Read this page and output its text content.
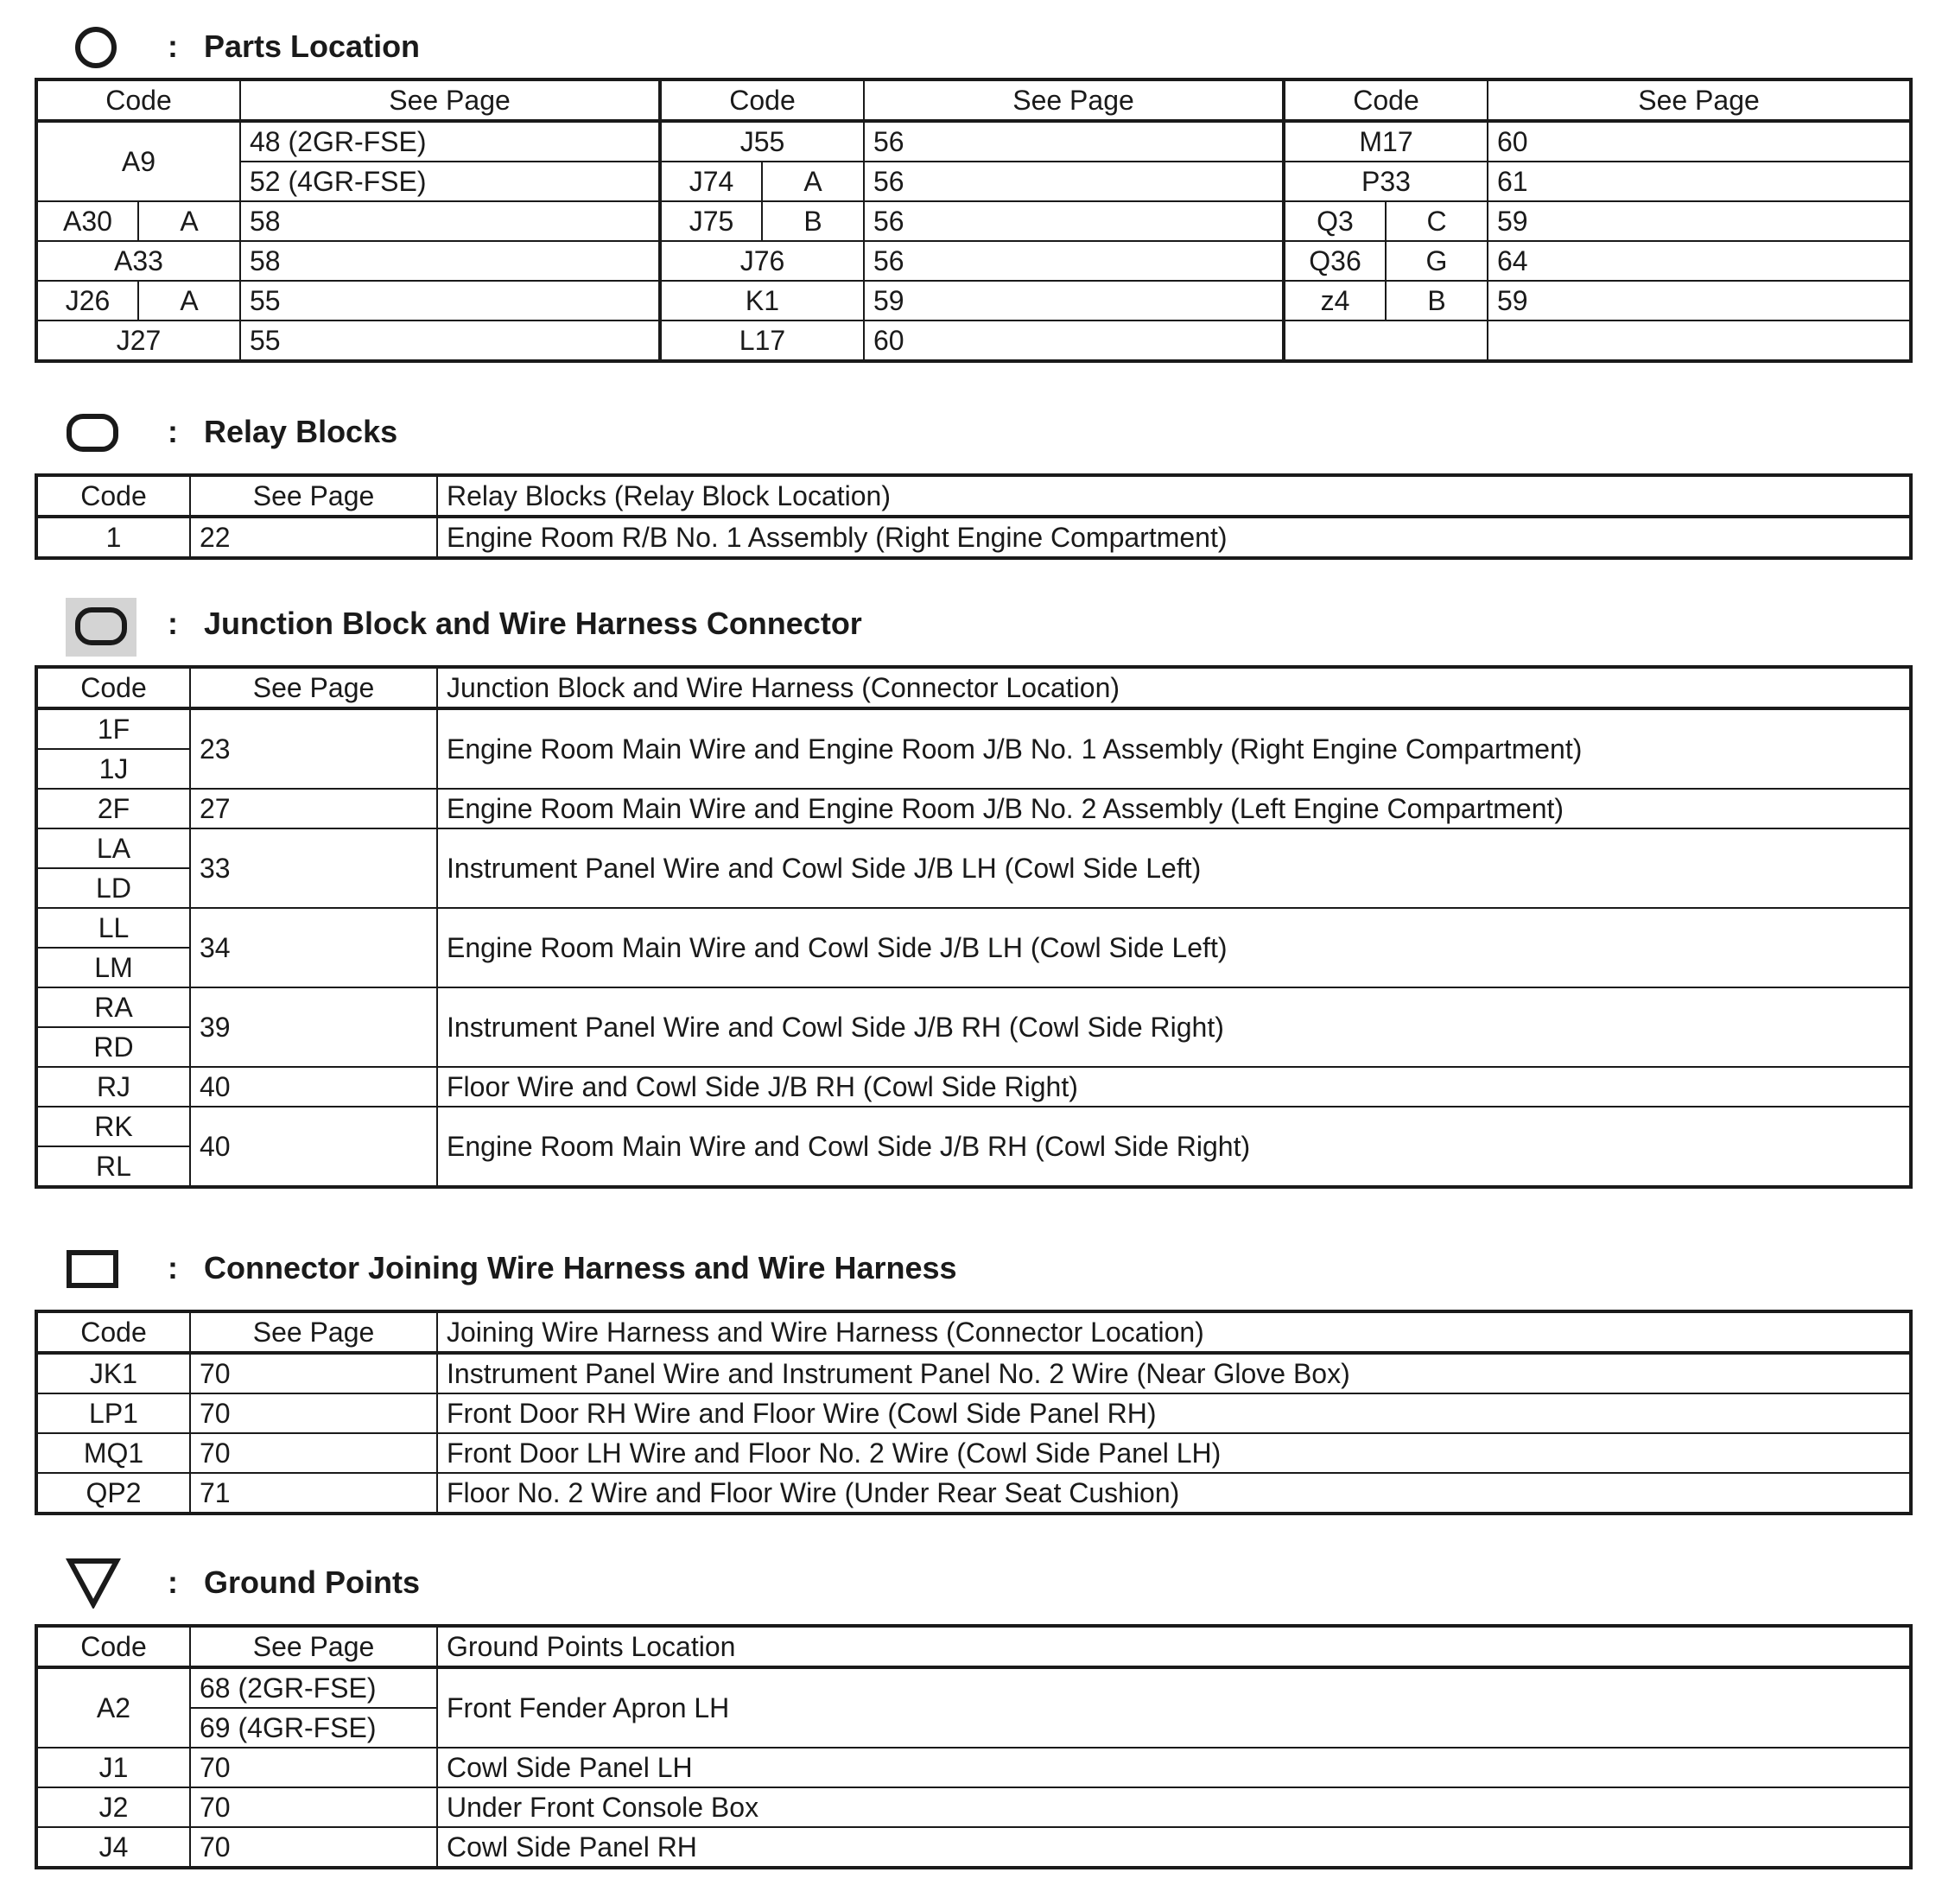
: Parts Location
Code		See Page	Code		See Page	Code		See Page
A9		48 (2GR-FSE)	J55		56	M17		60
		52 (4GR-FSE)	J74	A	56	P33		61
A30	A	58	J75	B	56	Q3	C	59
A33		58	J76		56	Q36	G	64
J26	A	55	K1		59	z4	B	59
J27		55	L17		60			
: Relay Blocks
Code	See Page	Relay Blocks (Relay Block Location)
1	22	Engine Room R/B No. 1 Assembly (Right Engine Compartment)
: Junction Block and Wire Harness Connector
Code	See Page	Junction Block and Wire Harness (Connector Location)
1F	23	Engine Room Main Wire and Engine Room J/B No. 1 Assembly (Right Engine Compartment)
1J		
2F	27	Engine Room Main Wire and Engine Room J/B No. 2 Assembly (Left Engine Compartment)
LA	33	Instrument Panel Wire and Cowl Side J/B LH (Cowl Side Left)
LD		
LL	34	Engine Room Main Wire and Cowl Side J/B LH (Cowl Side Left)
LM		
RA	39	Instrument Panel Wire and Cowl Side J/B RH (Cowl Side Right)
RD		
RJ	40	Floor Wire and Cowl Side J/B RH (Cowl Side Right)
RK	40	Engine Room Main Wire and Cowl Side J/B RH (Cowl Side Right)
RL		
: Connector Joining Wire Harness and Wire Harness
Code	See Page	Joining Wire Harness and Wire Harness (Connector Location)
JK1	70	Instrument Panel Wire and Instrument Panel No. 2 Wire (Near Glove Box)
LP1	70	Front Door RH Wire and Floor Wire (Cowl Side Panel RH)
MQ1	70	Front Door LH Wire and Floor No. 2 Wire (Cowl Side Panel LH)
QP2	71	Floor No. 2 Wire and Floor Wire (Under Rear Seat Cushion)
: Ground Points
Code	See Page	Ground Points Location
A2	68 (2GR-FSE)	Front Fender Apron LH
	69 (4GR-FSE)	
J1	70	Cowl Side Panel LH
J2	70	Under Front Console Box
J4	70	Cowl Side Panel RH
